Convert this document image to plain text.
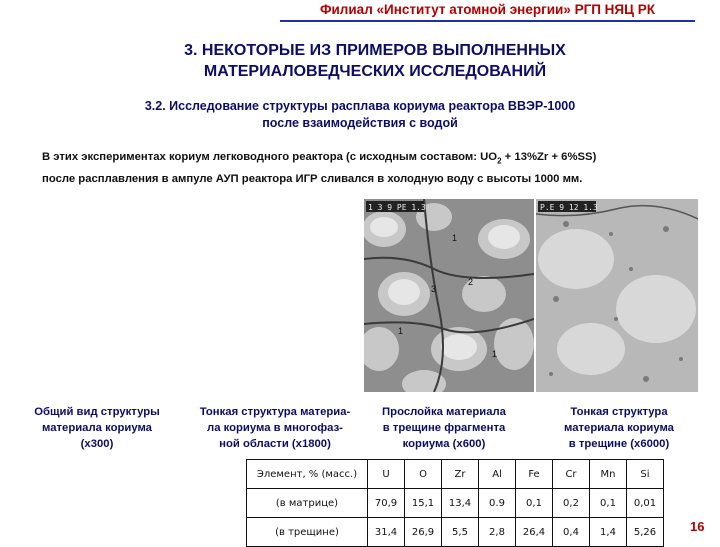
Филиал «Институт атомной энергии» РГП НЯЦ РК
3. НЕКОТОРЫЕ ИЗ ПРИМЕРОВ ВЫПОЛНЕННЫХ
МАТЕРИАЛОВЕДЧЕСКИХ ИССЛЕДОВАНИЙ
3.2. Исследование структуры расплава кориума реактора ВВЭР-1000
после взаимодействия с водой
В этих экспериментах кориум легководного реактора (с исходным составом: $UO_2 + 13\%Zr + 6\%SS$)
после расплавления в ампуле АУП реактора ИГР сливался в холодную воду с высоты 1000 мм.
1 3 9 РЕ 1.3
1
2
3
1
1
Р.Е 9 12 1.3
Общий вид структуры
материала кориума
(х300)
Тонкая структура материа-
ла кориума в многофаз-
ной области (х1800)
Прослойка материала
в трещине фрагмента
кориума (х600)
Тонкая структура
материала кориума
в трещине (х6000)
Элемент, % (масс.)	U	O	Zr	Al	Fe	Cr	Mn	Si
(в матрице)	70,9	15,1	13,4	0.9	0,1	0,2	0,1	0,01
(в трещине)	31,4	26,9	5,5	2,8	26,4	0,4	1,4	5,26	16
